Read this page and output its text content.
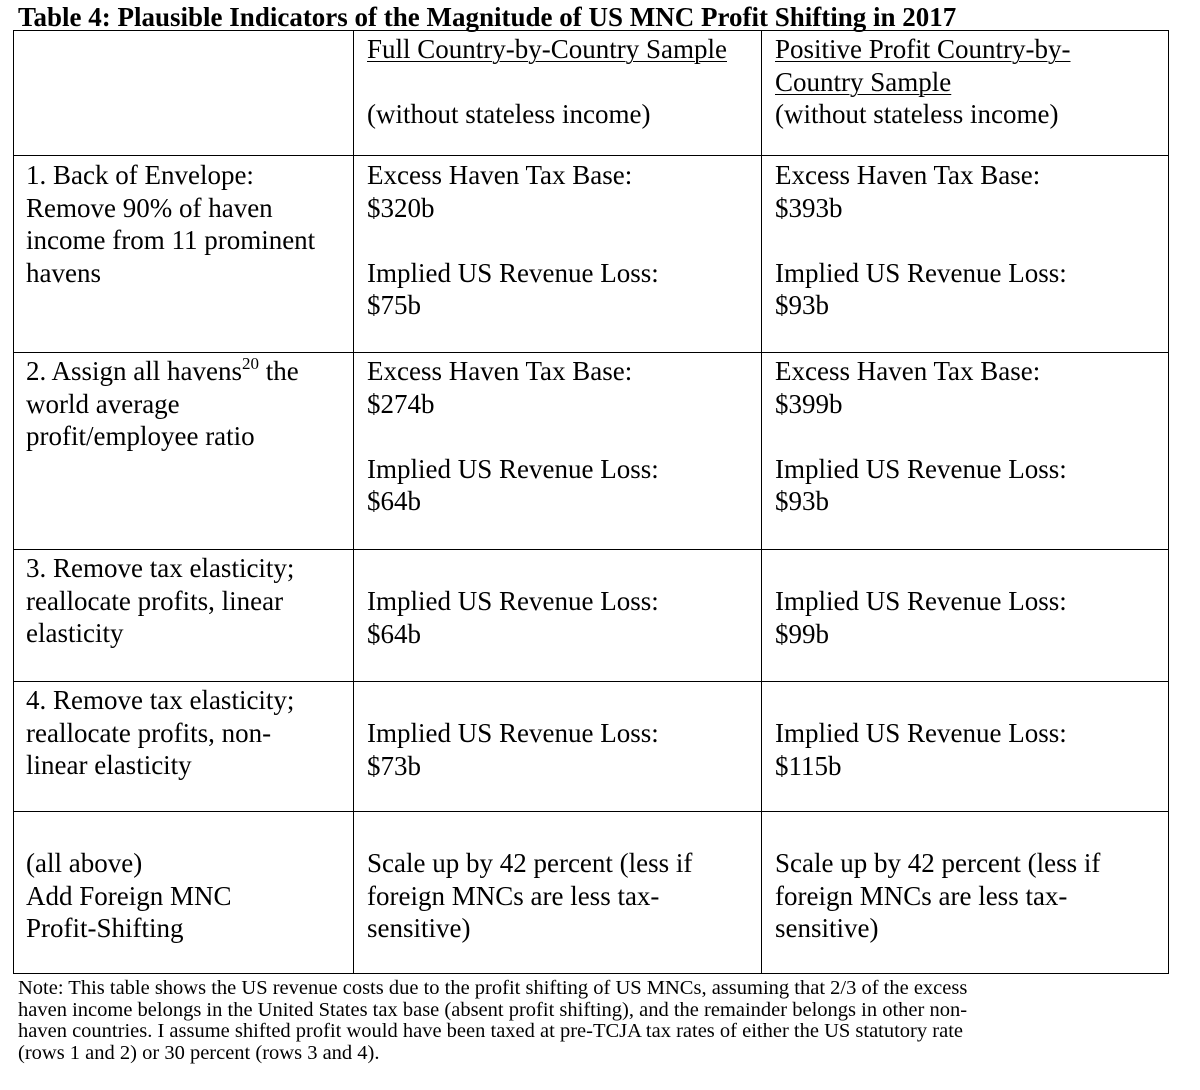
Table 4: Plausible Indicators of the Magnitude of US MNC Profit Shifting in 2017
Full Country-by-Country Sample
(without stateless income)
Positive Profit Country-by-
Country Sample
(without stateless income)
1. Back of Envelope:
Remove 90% of haven
income from 11 prominent
havens
Excess Haven Tax Base:
$320b
Implied US Revenue Loss:
$75b
Excess Haven Tax Base:
$393b
Implied US Revenue Loss:
$93b
2. Assign all havens$^{20}$ the
world average
profit/employee ratio
Excess Haven Tax Base:
$274b
Implied US Revenue Loss:
$64b
Excess Haven Tax Base:
$399b
Implied US Revenue Loss:
$93b
3. Remove tax elasticity;
reallocate profits, linear
elasticity
Implied US Revenue Loss:
$64b
Implied US Revenue Loss:
$99b
4. Remove tax elasticity;
reallocate profits, non-
linear elasticity
Implied US Revenue Loss:
$73b
Implied US Revenue Loss:
$115b
(all above)
Add Foreign MNC
Profit-Shifting
Scale up by 42 percent (less if
foreign MNCs are less tax-
sensitive)
Scale up by 42 percent (less if
foreign MNCs are less tax-
sensitive)
Note: This table shows the US revenue costs due to the profit shifting of US MNCs, assuming that 2/3 of the excess
haven income belongs in the United States tax base (absent profit shifting), and the remainder belongs in other non-
haven countries. I assume shifted profit would have been taxed at pre-TCJA tax rates of either the US statutory rate
(rows 1 and 2) or 30 percent (rows 3 and 4).
